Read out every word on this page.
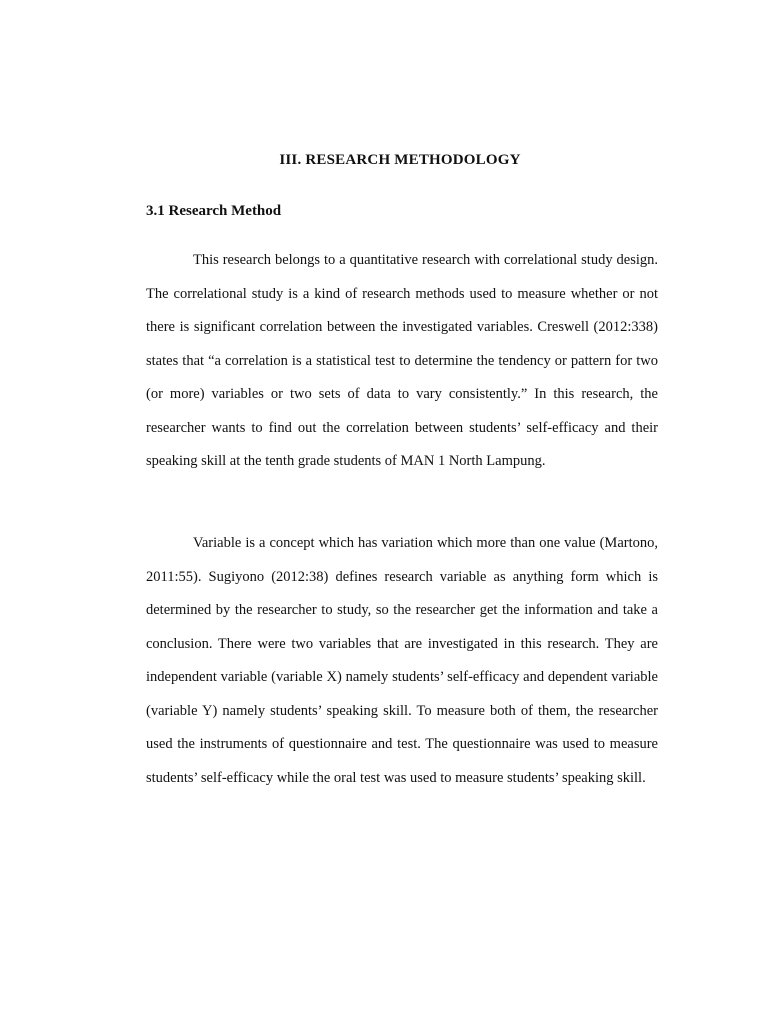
III. RESEARCH METHODOLOGY
3.1 Research Method

This research belongs to a quantitative research with correlational study design. The correlational study is a kind of research methods used to measure whether or not there is significant correlation between the investigated variables. Creswell (2012:338) states that “a correlation is a statistical test to determine the tendency or pattern for two (or more) variables or two sets of data to vary consistently.” In this research, the researcher wants to find out the correlation between students’ self-efficacy and their speaking skill at the tenth grade students of MAN 1 North Lampung.

Variable is a concept which has variation which more than one value (Martono, 2011:55). Sugiyono (2012:38) defines research variable as anything form which is determined by the researcher to study, so the researcher get the information and take a conclusion. There were two variables that are investigated in this research. They are independent variable (variable X) namely students’ self-efficacy and dependent variable (variable Y) namely students’ speaking skill. To measure both of them, the researcher used the instruments of questionnaire and test. The questionnaire was used to measure students’ self-efficacy while the oral test was used to measure students’ speaking skill.
